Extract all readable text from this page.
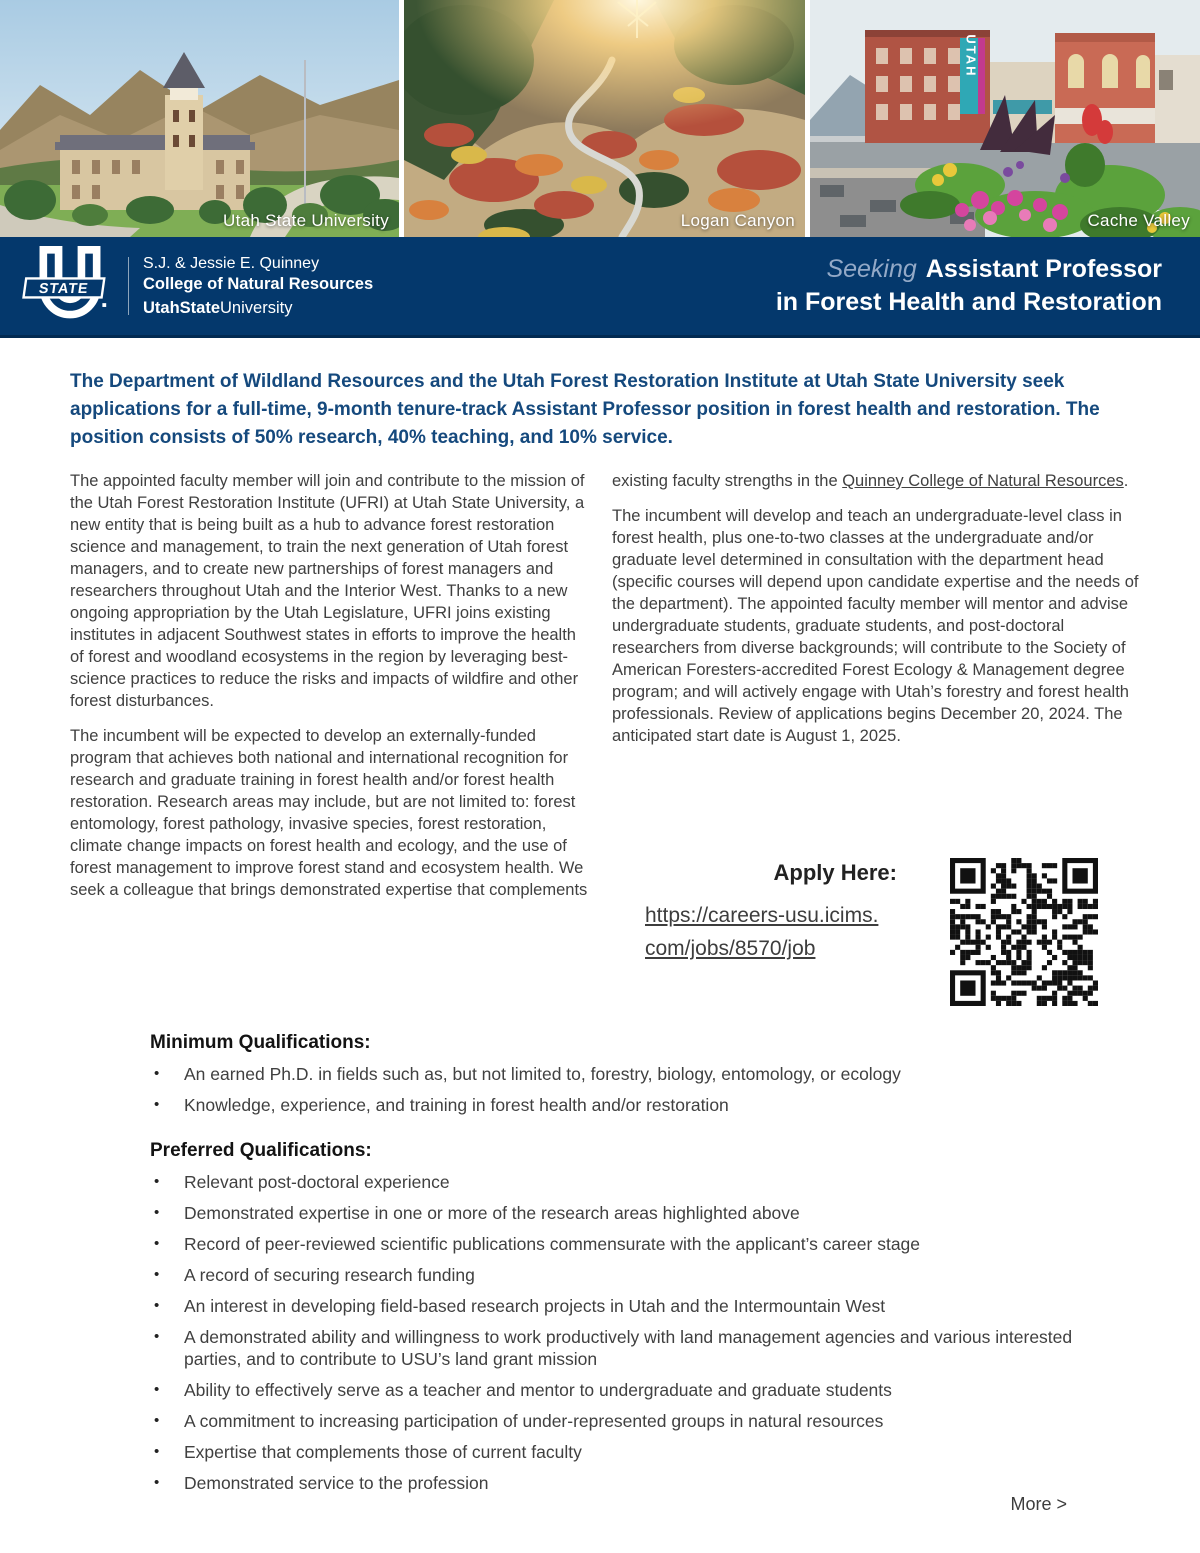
Utah State University	Logan Canyon
UTAH
Cache Valley
STATE
S.J. & Jessie E. Quinney
College of Natural Resources
UtahStateUniversity
Seeking Assistant Professor
in Forest Health and Restoration

The Department of Wildland Resources and the Utah Forest Restoration Institute at Utah State University seek applications for a full-time, 9-month tenure-track Assistant Professor position in forest health and restoration. The position consists of 50% research, 40% teaching, and 10% service.

The appointed faculty member will join and contribute to the mission of the Utah Forest Restoration Institute (UFRI) at Utah State University, a new entity that is being built as a hub to advance forest restoration science and management, to train the next generation of Utah forest managers, and to create new partnerships of forest managers and researchers throughout Utah and the Interior West. Thanks to a new ongoing appropriation by the Utah Legislature, UFRI joins existing institutes in adjacent Southwest states in efforts to improve the health of forest and woodland ecosystems in the region by leveraging best-science practices to reduce the risks and impacts of wildfire and other forest disturbances.

The incumbent will be expected to develop an externally-funded program that achieves both national and international recognition for research and graduate training in forest health and/or forest health restoration. Research areas may include, but are not limited to: forest entomology, forest pathology, invasive species, forest restoration, climate change impacts on forest health and ecology, and the use of forest management to improve forest stand and ecosystem health. We seek a colleague that brings demonstrated expertise that complements

existing faculty strengths in the Quinney College of Natural Resources.

The incumbent will develop and teach an undergraduate-level class in forest health, plus one-to-two classes at the undergraduate and/or graduate level determined in consultation with the department head (specific courses will depend upon candidate expertise and the needs of the department). The appointed faculty member will mentor and advise undergraduate students, graduate students, and post-doctoral researchers from diverse backgrounds; will contribute to the Society of American Foresters-accredited Forest Ecology & Management degree program; and will actively engage with Utah’s forestry and forest health professionals. Review of applications begins December 20, 2024. The anticipated start date is August 1, 2025.

Apply Here:
https://careers-usu.icims.
com/jobs/8570/job
Minimum Qualifications:
•	An earned Ph.D. in fields such as, but not limited to, forestry, biology, entomology, or ecology
•	Knowledge, experience, and training in forest health and/or restoration
Preferred Qualifications:
•	Relevant post-doctoral experience
•	Demonstrated expertise in one or more of the research areas highlighted above
•	Record of peer-reviewed scientific publications commensurate with the applicant’s career stage
•	A record of securing research funding
•	An interest in developing field-based research projects in Utah and the Intermountain West
•	A demonstrated ability and willingness to work productively with land management agencies and various interested parties, and to contribute to USU’s land grant mission
•	Ability to effectively serve as a teacher and mentor to undergraduate and graduate students
•	A commitment to increasing participation of under-represented groups in natural resources
•	Expertise that complements those of current faculty
•	Demonstrated service to the profession
More >
